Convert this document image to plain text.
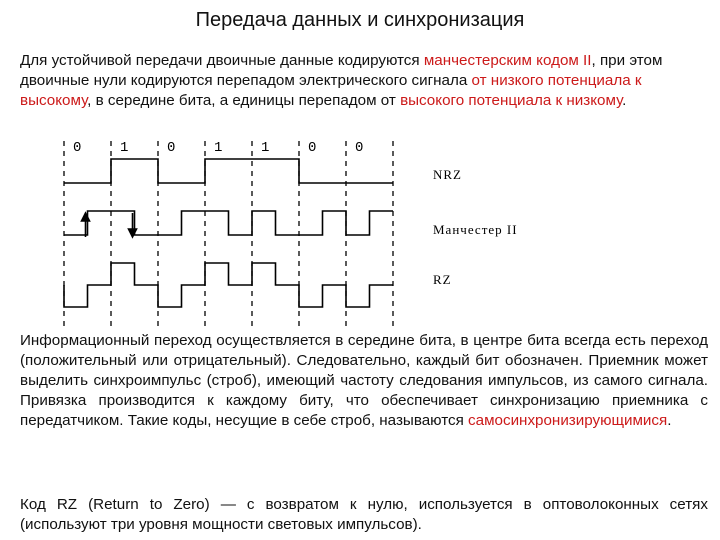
Передача данных и синхронизация
Для устойчивой передачи двоичные данные кодируются манчестерским кодом II, при этом двоичные нули кодируются перепадом электрического сигнала от низкого потенциала к высокому, в середине бита, а единицы перепадом от высокого потенциала к низкому.
0	1	0	1	1	0	0
NRZ
Манчестер II
RZ
Информационный переход осуществляется в середине бита, в центре бита всегда есть переход (положительный или отрицательный). Следовательно, каждый бит обозначен. Приемник может выделить синхроимпульс (строб), имеющий частоту следования импульсов, из самого сигнала. Привязка производится к каждому биту, что обеспечивает синхронизацию приемника с передатчиком. Такие коды, несущие в себе строб, называются самосинхронизирующимися.
Код RZ (Return to Zero) — с возвратом к нулю, используется в оптоволоконных сетях (используют три уровня мощности световых импульсов).
